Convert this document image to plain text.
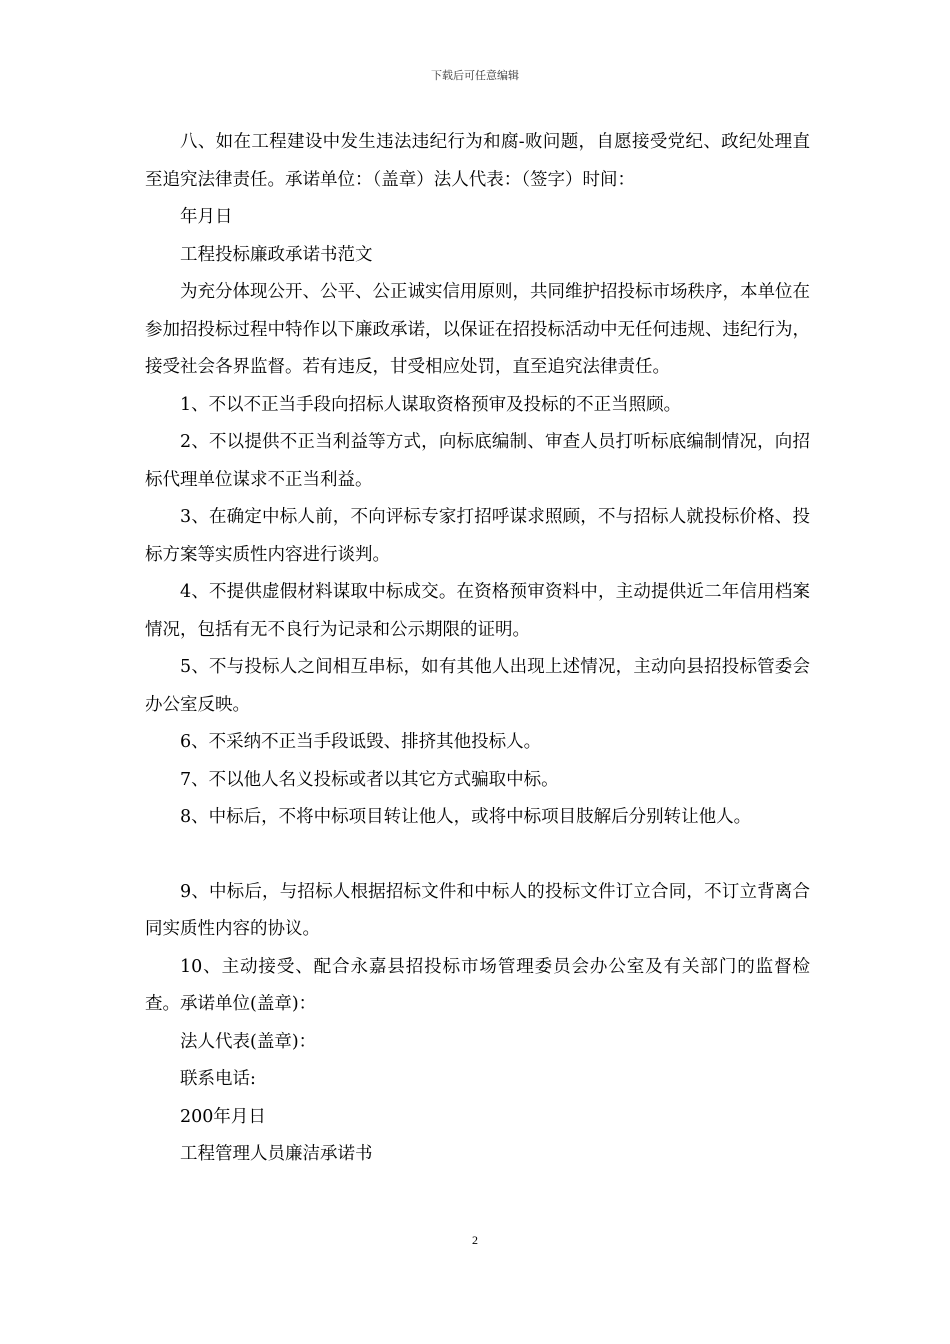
下载后可任意编辑

八、如在工程建设中发生违法违纪行为和腐-败问题，自愿接受党纪、政纪处理直至追究法律责任。承诺单位：（盖章）法人代表：（签字）时间：

年月日

工程投标廉政承诺书范文

为充分体现公开、公平、公正诚实信用原则，共同维护招投标市场秩序，本单位在参加招投标过程中特作以下廉政承诺，以保证在招投标活动中无任何违规、违纪行为，接受社会各界监督。若有违反，甘受相应处罚，直至追究法律责任。

1、不以不正当手段向招标人谋取资格预审及投标的不正当照顾。

2、不以提供不正当利益等方式，向标底编制、审查人员打听标底编制情况，向招标代理单位谋求不正当利益。

3、在确定中标人前，不向评标专家打招呼谋求照顾，不与招标人就投标价格、投标方案等实质性内容进行谈判。

4、不提供虚假材料谋取中标成交。在资格预审资料中，主动提供近二年信用档案情况，包括有无不良行为记录和公示期限的证明。

5、不与投标人之间相互串标，如有其他人出现上述情况，主动向县招投标管委会办公室反映。

6、不采纳不正当手段诋毁、排挤其他投标人。

7、不以他人名义投标或者以其它方式骗取中标。

8、中标后，不将中标项目转让他人，或将中标项目肢解后分别转让他人。

9、中标后，与招标人根据招标文件和中标人的投标文件订立合同，不订立背离合同实质性内容的协议。

10、主动接受、配合永嘉县招投标市场管理委员会办公室及有关部门的监督检查。承诺单位(盖章)：

法人代表(盖章)：

联系电话:

200年月日

工程管理人员廉洁承诺书

2
